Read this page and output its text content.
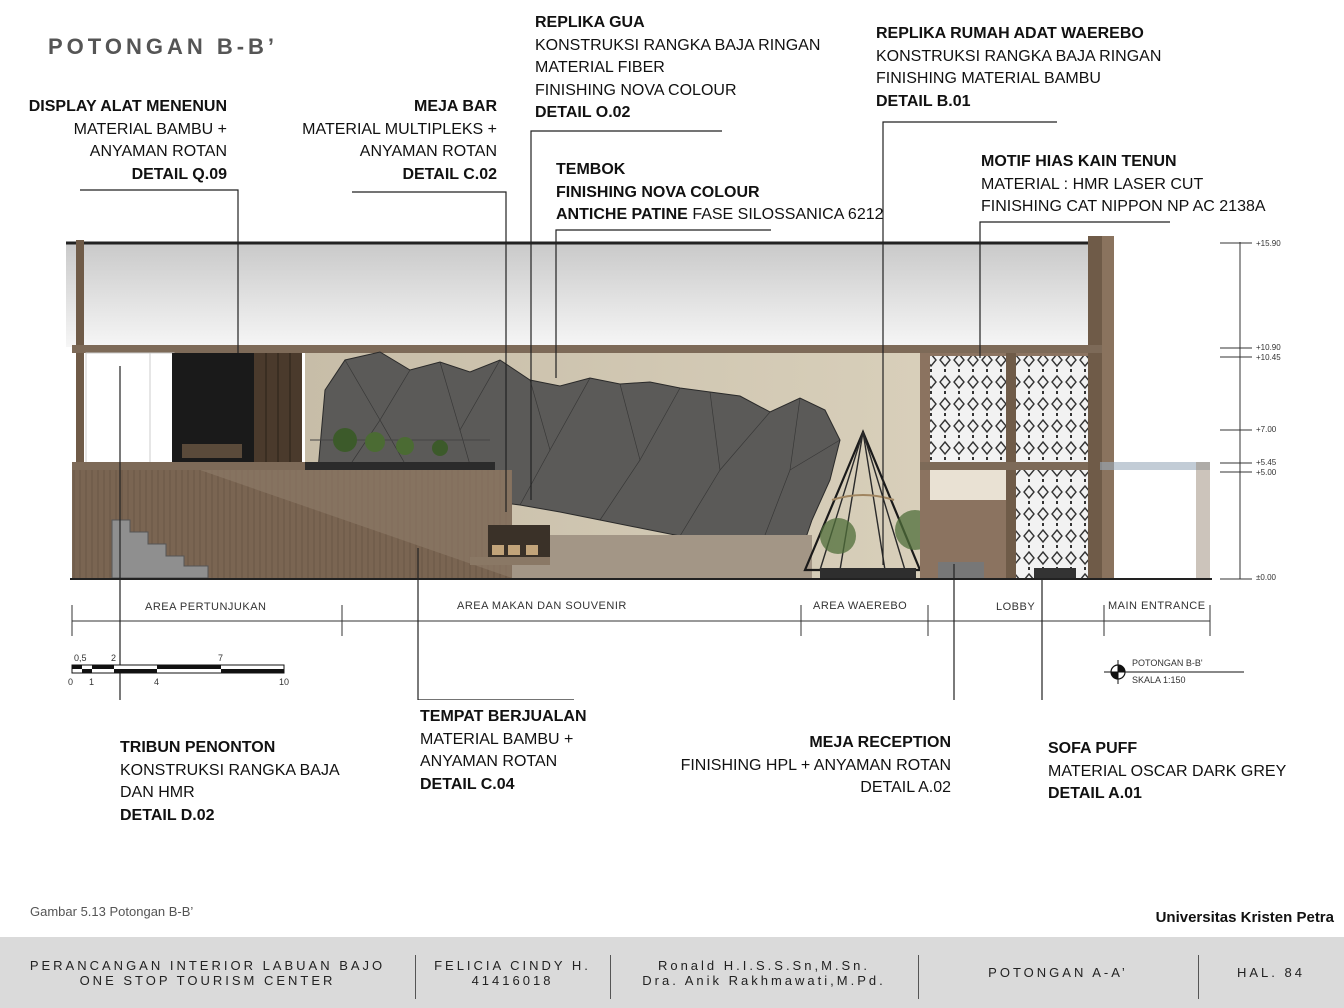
POTONGAN B-B’
DISPLAY ALAT MENENUN
MATERIAL BAMBU +
ANYAMAN ROTAN
DETAIL Q.09
MEJA BAR
MATERIAL MULTIPLEKS +
ANYAMAN ROTAN
DETAIL C.02
REPLIKA GUA
KONSTRUKSI RANGKA BAJA RINGAN
MATERIAL FIBER
FINISHING NOVA COLOUR
DETAIL O.02
TEMBOK
FINISHING NOVA COLOUR
ANTICHE PATINE FASE SILOSSANICA 6212
REPLIKA RUMAH ADAT WAEREBO
KONSTRUKSI RANGKA BAJA RINGAN
FINISHING MATERIAL BAMBU
DETAIL B.01
MOTIF HIAS KAIN TENUN
MATERIAL : HMR LASER CUT
FINISHING CAT NIPPON NP AC 2138A
TRIBUN PENONTON
KONSTRUKSI RANGKA BAJA
DAN HMR
DETAIL D.02
TEMPAT BERJUALAN
MATERIAL BAMBU +
ANYAMAN ROTAN
DETAIL C.04
MEJA RECEPTION
FINISHING HPL + ANYAMAN ROTAN
DETAIL A.02
SOFA PUFF
MATERIAL OSCAR DARK GREY
DETAIL A.01
AREA PERTUNJUKAN	AREA MAKAN DAN SOUVENIR	AREA WAEREBO	LOBBY	MAIN ENTRANCE
+15.90
+10.90
+10.45
+7.00
+5.45
+5.00
±0.00
0,5	2	7
0 1	4	10
POTONGAN B-B'
SKALA 1:150
Gambar 5.13 Potongan B-B’	Universitas Kristen Petra
PERANCANGAN INTERIOR LABUAN BAJO
ONE STOP TOURISM CENTER
FELICIA CINDY H.
41416018
Ronald H.I.S.S.Sn,M.Sn.
Dra. Anik Rakhmawati,M.Pd.	POTONGAN A-A’	HAL. 84
